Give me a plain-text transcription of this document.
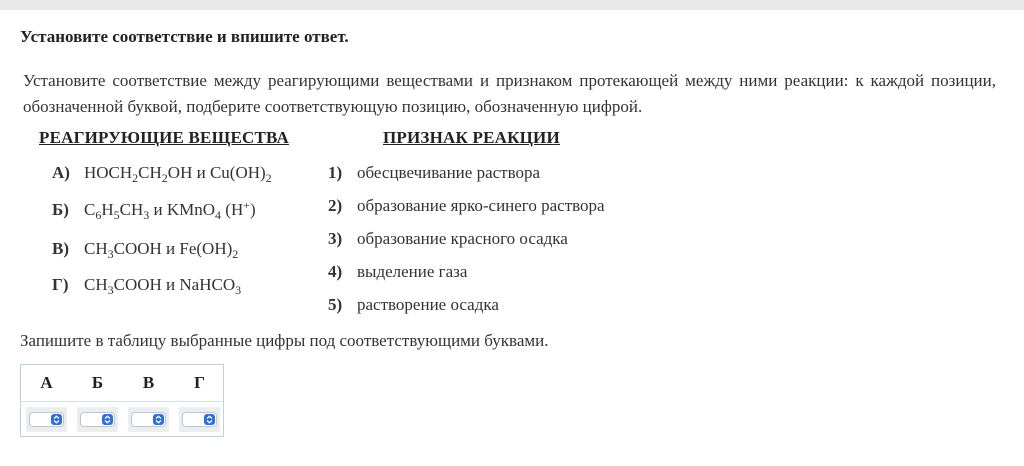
Установите соответствие и впишите ответ.
Установите соответствие между реагирующими веществами и признаком протекающей между ними реакции: к каждой позиции, обозначенной буквой, подберите соответствующую позицию, обозначенную цифрой.
РЕАГИРУЮЩИЕ ВЕЩЕСТВА	ПРИЗНАК РЕАКЦИИ
А) $HOCH_2CH_2OH$ и $Cu(OH)_2$
Б) $C_6H_5CH_3$ и KMnO$_4$ (H+)
В) $CH_3COOH$ и $Fe(OH)_2$
Г) $CH_3COOH$ и NaHCO$_3$
1) обесцвечивание раствора
2) образование ярко-синего раствора
3) образование красного осадка
4) выделение газа
5) растворение осадка
Запишите в таблицу выбранные цифры под соответствующими буквами.
А	Б	В	Г
